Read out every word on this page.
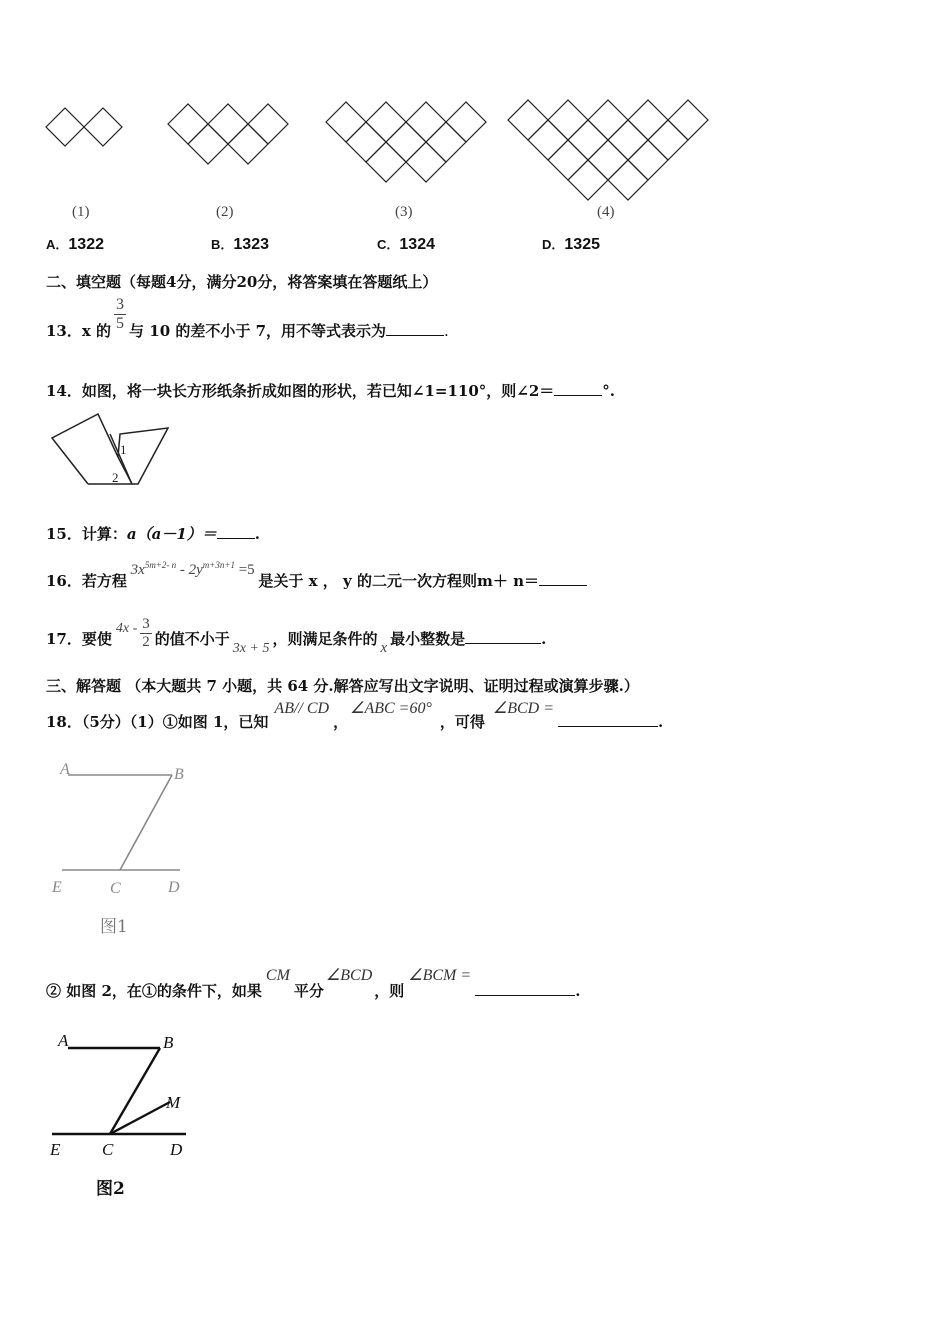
(1)	(2)	(3)	(4)
A．1322	B．1323	C．1324	D．1325
二、填空题（每题4分，满分20分，将答案填在答题纸上）
13．x 的 $\frac{3}{5}$ 与 10 的差不小于 7，用不等式表示为	.
14．如图，将一块长方形纸条折成如图的形状，若已知∠1=110°，则∠2＝	°.
1
2
15．计算：a（a－1）＝	.
16．若方程 $3x^{5m+2- n} - 2y^{m+3n+1} =5$ 是关于 x ， y 的二元一次方程则m＋ n＝
17．要使$4x - \frac{3}{2}$ 的值不小于3x + 5，则满足条件的 x 最小整数是	.
三、解答题 （本大题共 7 小题，共 64 分.解答应写出文字说明、证明过程或演算步骤.）
18．（5分）（1）①如图 1，已知AB// CD，∠ABC =60°，可得∠BCD =.
A	B
E	C	D
图1
② 如图 2，在①的条件下，如果CM平分∠BCD，则∠BCM =.
A	B
M
E C	D
图2
